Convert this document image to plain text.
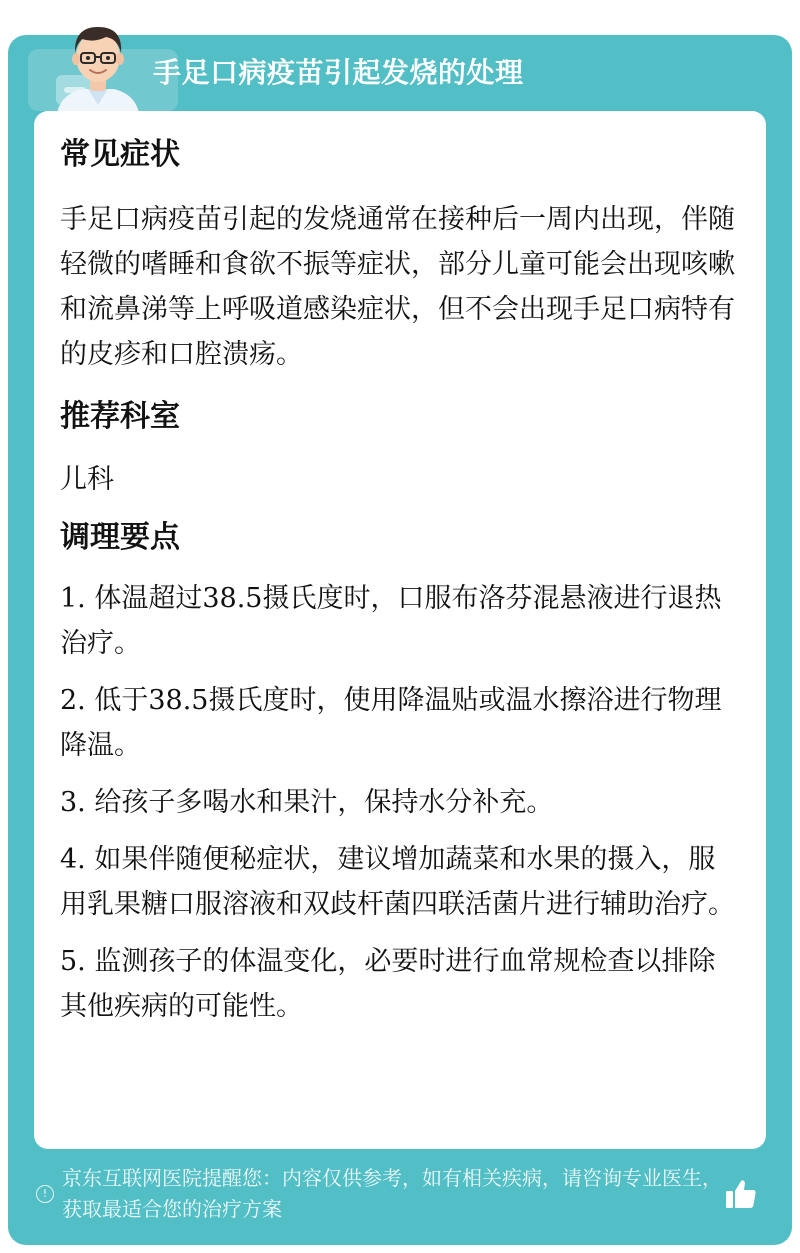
手足口病疫苗引起发烧的处理
常见症状
手足口病疫苗引起的发烧通常在接种后一周内出现，伴随轻微的嗜睡和食欲不振等症状，部分儿童可能会出现咳嗽和流鼻涕等上呼吸道感染症状，但不会出现手足口病特有的皮疹和口腔溃疡。
推荐科室
儿科
调理要点
1. 体温超过38.5摄氏度时，口服布洛芬混悬液进行退热治疗。
2. 低于38.5摄氏度时，使用降温贴或温水擦浴进行物理降温。
3. 给孩子多喝水和果汁，保持水分补充。
4. 如果伴随便秘症状，建议增加蔬菜和水果的摄入，服用乳果糖口服溶液和双歧杆菌四联活菌片进行辅助治疗。
5. 监测孩子的体温变化，必要时进行血常规检查以排除其他疾病的可能性。
!
京东互联网医院提醒您：内容仅供参考，如有相关疾病，请咨询专业医生，获取最适合您的治疗方案
